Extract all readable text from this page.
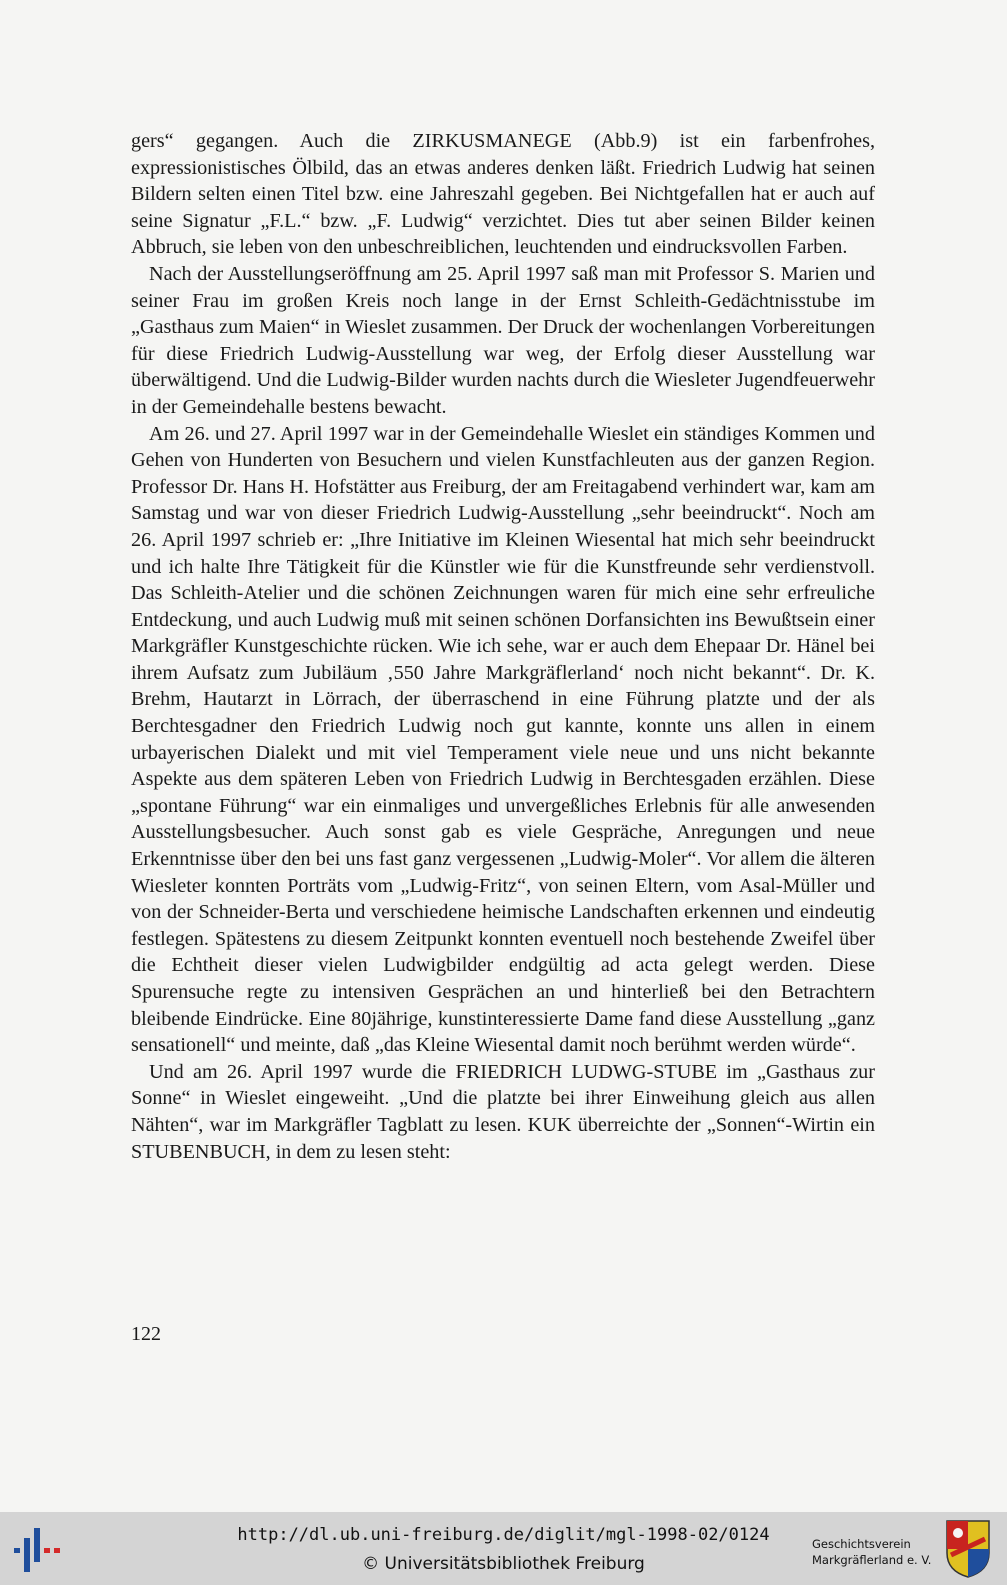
gers“ gegangen. Auch die ZIRKUSMANEGE (Abb.9) ist ein farbenfrohes, expressionistisches Ölbild, das an etwas anderes denken läßt. Friedrich Ludwig hat seinen Bildern selten einen Titel bzw. eine Jahreszahl gegeben. Bei Nichtgefallen hat er auch auf seine Signatur „F.L.“ bzw. „F. Ludwig“ verzichtet. Dies tut aber seinen Bilder keinen Abbruch, sie leben von den unbeschreiblichen, leuchtenden und eindrucksvollen Farben.

Nach der Ausstellungseröffnung am 25. April 1997 saß man mit Professor S. Marien und seiner Frau im großen Kreis noch lange in der Ernst Schleith-Gedächtnisstube im „Gasthaus zum Maien“ in Wieslet zusammen. Der Druck der wochenlangen Vorbereitungen für diese Friedrich Ludwig-Ausstellung war weg, der Erfolg dieser Ausstellung war überwältigend. Und die Ludwig-Bilder wurden nachts durch die Wiesleter Jugendfeuerwehr in der Gemeindehalle bestens bewacht.

Am 26. und 27. April 1997 war in der Gemeindehalle Wieslet ein ständiges Kommen und Gehen von Hunderten von Besuchern und vielen Kunstfachleuten aus der ganzen Region. Professor Dr. Hans H. Hofstätter aus Freiburg, der am Freitagabend verhindert war, kam am Samstag und war von dieser Friedrich Ludwig-Ausstellung „sehr beeindruckt“. Noch am 26. April 1997 schrieb er: „Ihre Initiative im Kleinen Wiesental hat mich sehr beeindruckt und ich halte Ihre Tätigkeit für die Künstler wie für die Kunstfreunde sehr verdienstvoll. Das Schleith-Atelier und die schönen Zeichnungen waren für mich eine sehr erfreuliche Entdeckung, und auch Ludwig muß mit seinen schönen Dorfansichten ins Bewußtsein einer Markgräfler Kunstgeschichte rücken. Wie ich sehe, war er auch dem Ehepaar Dr. Hänel bei ihrem Aufsatz zum Jubiläum ‚550 Jahre Markgräflerland‘ noch nicht bekannt“. Dr. K. Brehm, Hautarzt in Lörrach, der überraschend in eine Führung platzte und der als Berchtesgadner den Friedrich Ludwig noch gut kannte, konnte uns allen in einem urbayerischen Dialekt und mit viel Temperament viele neue und uns nicht bekannte Aspekte aus dem späteren Leben von Friedrich Ludwig in Berchtesgaden erzählen. Diese „spontane Führung“ war ein einmaliges und unvergeßliches Erlebnis für alle anwesenden Ausstellungsbesucher. Auch sonst gab es viele Gespräche, Anregungen und neue Erkenntnisse über den bei uns fast ganz vergessenen „Ludwig-Moler“. Vor allem die älteren Wiesleter konnten Porträts vom „Ludwig-Fritz“, von seinen Eltern, vom Asal-Müller und von der Schneider-Berta und verschiedene heimische Landschaften erkennen und eindeutig festlegen. Spätestens zu diesem Zeitpunkt konnten eventuell noch bestehende Zweifel über die Echtheit dieser vielen Ludwigbilder endgültig ad acta gelegt werden. Diese Spurensuche regte zu intensiven Gesprächen an und hinterließ bei den Betrachtern bleibende Eindrücke. Eine 80jährige, kunstinteressierte Dame fand diese Ausstellung „ganz sensationell“ und meinte, daß „das Kleine Wiesental damit noch berühmt werden würde“.

Und am 26. April 1997 wurde die FRIEDRICH LUDWG-STUBE im „Gasthaus zur Sonne“ in Wieslet eingeweiht. „Und die platzte bei ihrer Einweihung gleich aus allen Nähten“, war im Markgräfler Tagblatt zu lesen. KUK überreichte der „Sonnen“-Wirtin ein STUBENBUCH, in dem zu lesen steht:

122
http://dl.ub.uni-freiburg.de/diglit/mgl-1998-02/0124
© Universitätsbibliothek Freiburg
Geschichtsverein
Markgräflerland e. V.
